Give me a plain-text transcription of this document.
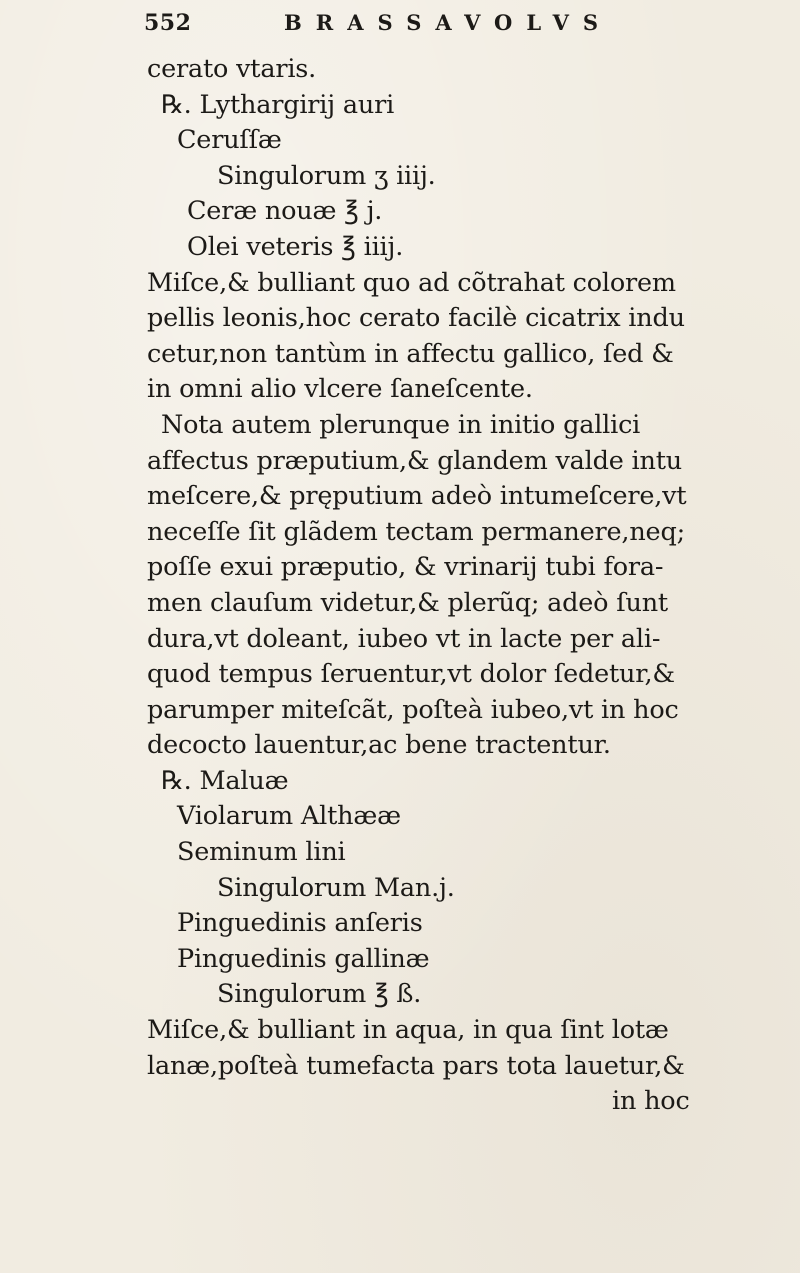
552	BRASSAVOLVS
cerato vtaris.
℞. Lythargirij auri
Ceruſſæ
Singulorum ʒ iiij.
Ceræ nouæ ℥ j.
Olei veteris ℥ iiij.
Miſce,& bulliant quo ad cõtrahat colorem
pellis leonis,hoc cerato facilè cicatrix indu
cetur,non tantùm in affectu gallico, ſed &
in omni alio vlcere ſaneſcente.
Nota autem plerunque in initio gallici
affectus præputium,& glandem valde intu
meſcere,& pręputium adeò intumeſcere,vt
neceſſe ſit glãdem tectam permanere,neq;
poſſe exui præputio, & vrinarij tubi fora-
men clauſum videtur,& plerũq; adeò ſunt
dura,vt doleant, iubeo vt in lacte per ali-
quod tempus ſeruentur,vt dolor ſedetur,&
parumper miteſcãt, poſteà iubeo,vt in hoc
decocto lauentur,ac bene tractentur.
℞. Maluæ
Violarum Althææ
Seminum lini
Singulorum Man.j.
Pinguedinis anſeris
Pinguedinis gallinæ
Singulorum ℥ ß.
Miſce,& bulliant in aqua, in qua ſint lotæ
lanæ,poſteà tumefacta pars tota lauetur,&
in hoc
